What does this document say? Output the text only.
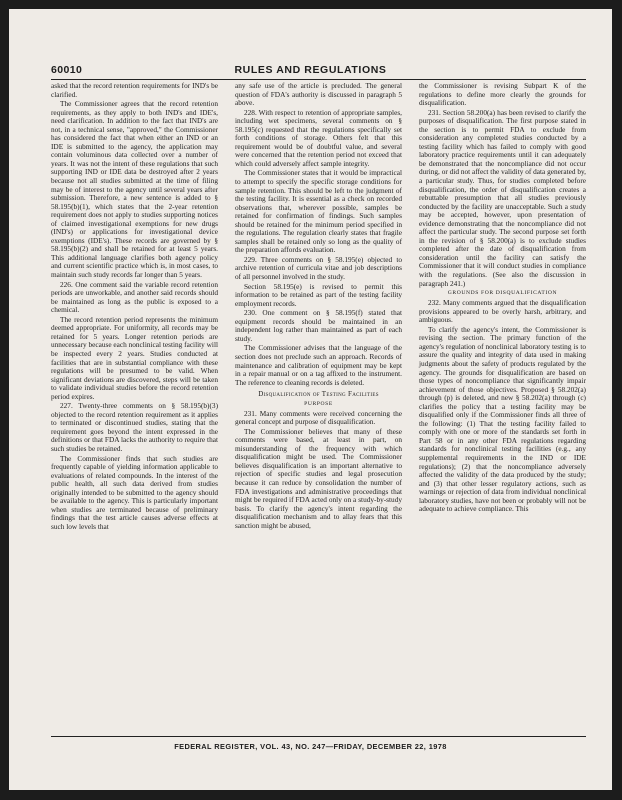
60010	RULES AND REGULATIONS

asked that the record retention requirements for IND's be clarified.

The Commissioner agrees that the record retention requirements, as they apply to both IND's and IDE's, need clarification. In addition to the fact that IND's are not, in a technical sense, "approved," the Commissioner has considered the fact that when either an IND or an IDE is submitted to the agency, the application may contain voluminous data collected over a number of years. It was not the intent of these regulations that such supporting IND or IDE data be destroyed after 2 years because not all studies submitted at the time of filing may be of interest to the agency until several years after submission. Therefore, a new sentence is added to § 58.195(b)(1), which states that the 2-year retention requirement does not apply to studies supporting notices of claimed investigational exemptions for new drugs (IND's) or applications for investigational device exemptions (IDE's). These records are governed by § 58.195(b)(2) and shall be retained for at least 5 years. This additional language clarifies both agency policy and current scientific practice which is, in most cases, to maintain such study records far longer than 5 years.

226. One comment said the variable record retention periods are unworkable, and another said records should be maintained as long as the public is exposed to a chemical.

The record retention period represents the minimum deemed appropriate. For uniformity, all records may be retained for 5 years. Longer retention periods are unnecessary because each nonclinical testing facility will be inspected every 2 years. Studies conducted at facilities that are in substantial compliance with these regulations will be presumed to be valid. When significant deviations are discovered, steps will be taken to validate individual studies before the record retention period expires.

227. Twenty-three comments on § 58.195(b)(3) objected to the record retention requirement as it applies to terminated or discontinued studies, stating that the requirement goes beyond the intent expressed in the definitions or that FDA lacks the authority to require that such studies be retained.

The Commissioner finds that such studies are frequently capable of yielding information applicable to evaluations of related compounds. In the interest of the public health, all such data derived from studies originally intended to be submitted to the agency should be available to the agency. This is particularly important when studies are terminated because of preliminary findings that the test article causes adverse effects at such low levels that

any safe use of the article is precluded. The general question of FDA's authority is discussed in paragraph 5 above.

228. With respect to retention of appropriate samples, including wet specimens, several comments on § 58.195(c) requested that the regulations specifically set forth conditions of storage. Others felt that this requirement would be of doubtful value, and several were concerned that the retention period not exceed that which could adversely affect sample integrity.

The Commissioner states that it would be impractical to attempt to specify the specific storage conditions for sample retention. This should be left to the judgment of the testing facility. It is essential as a check on recorded observations that, wherever possible, samples be retained for confirmation of findings. Such samples should be retained for the minimum period specified in the regulations. The regulation clearly states that fragile samples shall be retained only so long as the quality of the preparation affords evaluation.

229. Three comments on § 58.195(e) objected to archive retention of curricula vitae and job descriptions of all personnel involved in the study.

Section 58.195(e) is revised to permit this information to be retained as part of the testing facility employment records.

230. One comment on § 58.195(f) stated that equipment records should be maintained in an independent log rather than maintained as part of each study.

The Commissioner advises that the language of the section does not preclude such an approach. Records of maintenance and calibration of equipment may be kept in a repair manual or on a tag affixed to the instrument. The reference to cleaning records is deleted.

Disqualification of Testing Facilities
PURPOSE

231. Many comments were received concerning the general concept and purpose of disqualification.

The Commissioner believes that many of these comments were based, at least in part, on misunderstanding of the frequency with which disqualification might be used. The Commissioner believes disqualification is an important alternative to rejection of specific studies and legal prosecution because it can reduce by consolidation the number of FDA investigations and administrative proceedings that might be required if FDA acted only on a study-by-study basis. To clarify the agency's intent regarding the disqualification mechanism and to allay fears that this sanction might be abused,

the Commissioner is revising Subpart K of the regulations to define more clearly the grounds for disqualification.

231. Section 58.200(a) has been revised to clarify the purposes of disqualification. The first purpose stated in the section is to permit FDA to exclude from consideration any completed studies conducted by a testing facility which has failed to comply with good laboratory practice requirements until it can adequately be demonstrated that the noncompliance did not occur during, or did not affect the validity of data generated by, a particular study. Thus, for studies completed before disqualification, the order of disqualification creates a rebuttable presumption that all studies previously conducted by the facility are unacceptable. Such a study may be accepted, however, upon presentation of evidence demonstrating that the noncompliance did not affect the particular study. The second purpose set forth in the revision of § 58.200(a) is to exclude studies completed after the date of disqualification from consideration until the facility can satisfy the Commissioner that it will conduct studies in compliance with the regulations. (See also the discussion in paragraph 241.)

GROUNDS FOR DISQUALIFICATION

232. Many comments argued that the disqualification provisions appeared to be overly harsh, arbitrary, and ambiguous.

To clarify the agency's intent, the Commissioner is revising the section. The primary function of the agency's regulation of nonclinical laboratory testing is to assure the quality and integrity of data used in making judgments about the safety of products regulated by the agency. The grounds for disqualification are based on those types of noncompliance that significantly impair achievement of those objectives. Proposed § 58.202(a) through (p) is deleted, and new § 58.202(a) through (c) clarifies the policy that a testing facility may be disqualified only if the Commissioner finds all three of the following: (1) That the testing facility failed to comply with one or more of the standards set forth in Part 58 or in any other FDA regulations regarding standards for nonclinical testing facilities (e.g., any supplemental requirements in the IND or IDE regulations); (2) that the noncompliance adversely affected the validity of the data produced by the study; and (3) that other lesser regulatory actions, such as warnings or rejection of data from individual nonclinical laboratory studies, have not been or probably will not be adequate to achieve compliance. This

FEDERAL REGISTER, VOL. 43, NO. 247—FRIDAY, DECEMBER 22, 1978
